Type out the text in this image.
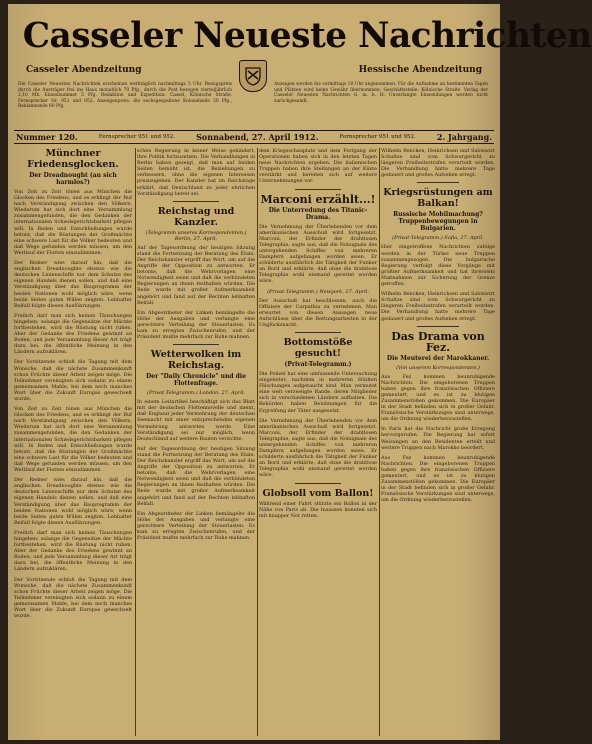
Casseler Neueste Nachrichten
Casseler Abendzeitung	Hessische Abendzeitung
Die Casseler Neuesten Nachrichten erscheinen werktäglich nachmittags 5 Uhr. Bezugspreis durch die Austräger frei ins Haus monatlich 70 Pfg., durch die Post bezogen vierteljährlich 2,10 Mk. Einzelnummer 5 Pfg. Redaktion und Expedition: Cassel, Kölnische Straße. Fernsprecher Nr. 951 und 952. Anzeigenpreis: die sechsgespaltene Kolonelzeile 20 Pfg., Reklamezeile 60 Pfg.
Anzeigen werden bis vormittags 10 Uhr angenommen. Für die Aufnahme an bestimmten Tagen und Plätzen wird keine Gewähr übernommen. Geschäftsstelle: Kölnische Straße. Verlag der Casseler Neuesten Nachrichten G. m. b. H. Unverlangte Einsendungen werden nicht zurückgesandt.
Nummer 120.	Fernsprecher 951 und 952.	Sonnabend, 27. April 1912.	Fernsprecher 951 und 952.	2. Jahrgang.
Münchner Friedensglocken.
Der Dreadnought (an sich harmlos?)

Von Zeit zu Zeit tönen aus München die Glocken des Friedens, und es erklingt der Ruf nach Verständigung zwischen den Völkern. Wiederum hat sich dort eine Versammlung zusammengefunden, die den Gedanken der internationalen Schiedsgerichtsbarkeit pflegen will. In Reden und Entschließungen wurde betont, daß die Rüstungen der Großmächte eine schwere Last für die Völker bedeuten und daß Wege gefunden werden müssen, um den Wettlauf der Flotten einzudämmen.

Der Redner wies darauf hin, daß die englischen Dreadnoughts ebenso wie die deutschen Linienschiffe nur dem Schutze des eigenen Handels dienen sollen, und daß eine Verständigung über das Bauprogramm der beiden Nationen wohl möglich wäre, wenn beide Seiten guten Willen zeigten. Lebhafter Beifall folgte diesen Ausführungen.

Freilich darf man sich keinen Täuschungen hingeben: solange die Gegensätze der Mächte fortbestehen, wird die Rüstung nicht ruhen. Aber der Gedanke des Friedens gewinnt an Boden, und jede Versammlung dieser Art trägt dazu bei, die öffentliche Meinung in den Ländern aufzuklären.

Der Vorsitzende schloß die Tagung mit dem Wunsche, daß die nächste Zusammenkunft schon Früchte dieser Arbeit zeigen möge. Die Teilnehmer vereinigten sich sodann zu einem gemeinsamen Mahle, bei dem noch manches Wort über die Zukunft Europas gewechselt wurde.

Von Zeit zu Zeit tönen aus München die Glocken des Friedens, und es erklingt der Ruf nach Verständigung zwischen den Völkern. Wiederum hat sich dort eine Versammlung zusammengefunden, die den Gedanken der internationalen Schiedsgerichtsbarkeit pflegen will. In Reden und Entschließungen wurde betont, daß die Rüstungen der Großmächte eine schwere Last für die Völker bedeuten und daß Wege gefunden werden müssen, um den Wettlauf der Flotten einzudämmen.

Der Redner wies darauf hin, daß die englischen Dreadnoughts ebenso wie die deutschen Linienschiffe nur dem Schutze des eigenen Handels dienen sollen, und daß eine Verständigung über das Bauprogramm der beiden Nationen wohl möglich wäre, wenn beide Seiten guten Willen zeigten. Lebhafter Beifall folgte diesen Ausführungen.

Freilich darf man sich keinen Täuschungen hingeben: solange die Gegensätze der Mächte fortbestehen, wird die Rüstung nicht ruhen. Aber der Gedanke des Friedens gewinnt an Boden, und jede Versammlung dieser Art trägt dazu bei, die öffentliche Meinung in den Ländern aufzuklären.

Der Vorsitzende schloß die Tagung mit dem Wunsche, daß die nächste Zusammenkunft schon Früchte dieser Arbeit zeigen möge. Die Teilnehmer vereinigten sich sodann zu einem gemeinsamen Mahle, bei dem noch manches Wort über die Zukunft Europas gewechselt wurde.

schen Regierung in keiner Weise gehindert, ihre Politik fortzusetzen. Die Verhandlungen in Berlin haben gezeigt, daß man auf beiden Seiten bemüht ist, die Beziehungen zu verbessern, ohne die eigenen Interessen preiszugeben. Der Kanzler hat im Reichstage erklärt, daß Deutschland zu jeder ehrlichen Verständigung bereit sei.

Reichstag und Kanzler.
(Telegramm unseres Korrespondenten.) Berlin, 27. April.

Auf der Tagesordnung der heutigen Sitzung stand die Fortsetzung der Beratung des Etats. Der Reichskanzler ergriff das Wort, um auf die Angriffe der Opposition zu antworten. Er betonte, daß die Wehrvorlagen eine Notwendigkeit seien und daß die verbündeten Regierungen an ihnen festhalten würden. Die Rede wurde mit großer Aufmerksamkeit angehört und fand auf der Rechten lebhaften Beifall.

Ein Abgeordneter der Linken bemängelte die Höhe der Ausgaben und verlangte eine gerechtere Verteilung der Steuerlasten. Es kam zu erregten Zwischenrufen, und der Präsident mußte mehrfach zur Ruhe mahnen.

Wetterwolken im Reichstag.
Der "Daily Chronicle" und die Flottenfrage.
(Privat-Telegramm.) London, 27. April.

In einem Leitartikel beschäftigt sich das Blatt mit der deutschen Flottennovelle und meint, daß England jeder Vermehrung der deutschen Seemacht mit einer entsprechenden eigenen Vermehrung antworten werde. Eine Verständigung sei nur möglich, wenn Deutschland auf weitere Bauten verzichte.

Auf der Tagesordnung der heutigen Sitzung stand die Fortsetzung der Beratung des Etats. Der Reichskanzler ergriff das Wort, um auf die Angriffe der Opposition zu antworten. Er betonte, daß die Wehrvorlagen eine Notwendigkeit seien und daß die verbündeten Regierungen an ihnen festhalten würden. Die Rede wurde mit großer Aufmerksamkeit angehört und fand auf der Rechten lebhaften Beifall.

Ein Abgeordneter der Linken bemängelte die Höhe der Ausgaben und verlangte eine gerechtere Verteilung der Steuerlasten. Es kam zu erregten Zwischenrufen, und der Präsident mußte mehrfach zur Ruhe mahnen.

dem Kriegsschauplatz und dem Fortgang der Operationen haben sich in den letzten Tagen neue Nachrichten ergeben. Die italienischen Truppen haben ihre Stellungen an der Küste verstärkt und bereiten sich auf weitere Unternehmungen vor.

Marconi erzählt...!
Die Unterredung des Titanic-Drama.

Die Vernehmung der Überlebenden vor dem amerikanischen Ausschuß wird fortgesetzt. Marconi, der Erfinder der drahtlosen Telegraphie, sagte aus, daß die Notsignale des untergehenden Schiffes von mehreren Dampfern aufgefangen worden seien. Er schilderte ausführlich die Tätigkeit der Funker an Bord und erklärte, daß ohne die drahtlose Telegraphie wohl niemand gerettet worden wäre.

(Privat-Telegramm.) Newyork, 27. April.

Der Ausschuß hat beschlossen, auch die Offiziere der Carpathia zu vernehmen. Man erwartet von diesen Aussagen neue Aufschlüsse über die Rettungsarbeiten in der Unglücksnacht.

Bottomstöße gesucht!
(Privat-Telegramm.)

Die Polizei hat eine umfassende Untersuchung eingeleitet, nachdem in mehreren Städten Fälschungen aufgetaucht sind. Man vermutet eine weit verzweigte Bande, deren Mitglieder sich in verschiedenen Ländern aufhalten. Die Behörden haben Belohnungen für die Ergreifung der Täter ausgesetzt.

Die Vernehmung der Überlebenden vor dem amerikanischen Ausschuß wird fortgesetzt. Marconi, der Erfinder der drahtlosen Telegraphie, sagte aus, daß die Notsignale des untergehenden Schiffes von mehreren Dampfern aufgefangen worden seien. Er schilderte ausführlich die Tätigkeit der Funker an Bord und erklärte, daß ohne die drahtlose Telegraphie wohl niemand gerettet worden wäre.

Globsoll vom Ballon!

Während einer Fahrt stürzte ein Ballon in der Nähe von Paris ab. Die Insassen konnten sich mit knapper Not retten.

Wilhelm Bencken, Heinrichsen und Salonwirt Schultze sind vom Schwurgericht zu längeren Freiheitsstrafen verurteilt worden. Die Verhandlung hatte mehrere Tage gedauert und großes Aufsehen erregt.

Kriegsrüstungen am Balkan!
Russische Mobilmachung? Truppenbewegungen in Bulgarien.
(Privat-Telegramm.) Sofia, 27. April.

Hier eingetroffene Nachrichten zufolge werden in der Türkei neue Truppen zusammengezogen. Die bulgarische Regierung verfolgt diese Vorgänge mit größter Aufmerksamkeit und hat ihrerseits Maßnahmen zur Sicherung der Grenze getroffen.

Wilhelm Bencken, Heinrichsen und Salonwirt Schultze sind vom Schwurgericht zu längeren Freiheitsstrafen verurteilt worden. Die Verhandlung hatte mehrere Tage gedauert und großes Aufsehen erregt.

Das Drama von Fez.
Die Meuterei der Marokkaner.
(Von unserem Korrespondenten.)

Aus Fez kommen beunruhigende Nachrichten. Die eingeborenen Truppen haben gegen ihre französischen Offiziere gemeutert, und es ist zu blutigen Zusammenstößen gekommen. Die Europäer in der Stadt befinden sich in großer Gefahr. Französische Verstärkungen sind unterwegs, um die Ordnung wiederherzustellen.

In Paris hat die Nachricht große Erregung hervorgerufen. Die Regierung hat sofort Weisungen an den Residenten erteilt und weitere Truppen nach Marokko beordert.

Aus Fez kommen beunruhigende Nachrichten. Die eingeborenen Truppen haben gegen ihre französischen Offiziere gemeutert, und es ist zu blutigen Zusammenstößen gekommen. Die Europäer in der Stadt befinden sich in großer Gefahr. Französische Verstärkungen sind unterwegs, um die Ordnung wiederherzustellen.
